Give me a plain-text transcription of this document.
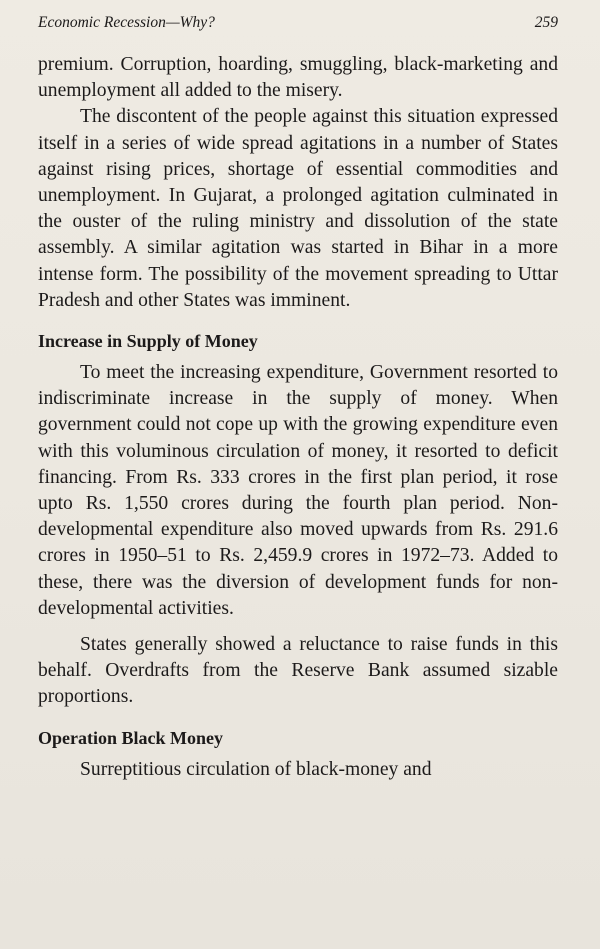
Economic Recession—Why?	259

premium. Corruption, hoarding, smuggling, black-marketing and unemployment all added to the misery.

The discontent of the people against this situation expressed itself in a series of wide spread agitations in a number of States against rising prices, shortage of essential commodities and unemployment. In Gujarat, a prolonged agitation culminated in the ouster of the ruling ministry and dissolution of the state assembly. A similar agitation was started in Bihar in a more intense form. The possibility of the movement spreading to Uttar Pradesh and other States was imminent.

Increase in Supply of Money

To meet the increasing expenditure, Government resorted to indiscriminate increase in the supply of money. When government could not cope up with the growing expenditure even with this voluminous circulation of money, it resorted to deficit financing. From Rs. 333 crores in the first plan period, it rose upto Rs. 1,550 crores during the fourth plan period. Non-developmental expenditure also moved upwards from Rs. 291.6 crores in 1950–51 to Rs. 2,459.9 crores in 1972–73. Added to these, there was the diversion of development funds for non-developmental activities.

States generally showed a reluctance to raise funds in this behalf. Overdrafts from the Reserve Bank assumed sizable proportions.

Operation Black Money

Surreptitious circulation of black-money and
